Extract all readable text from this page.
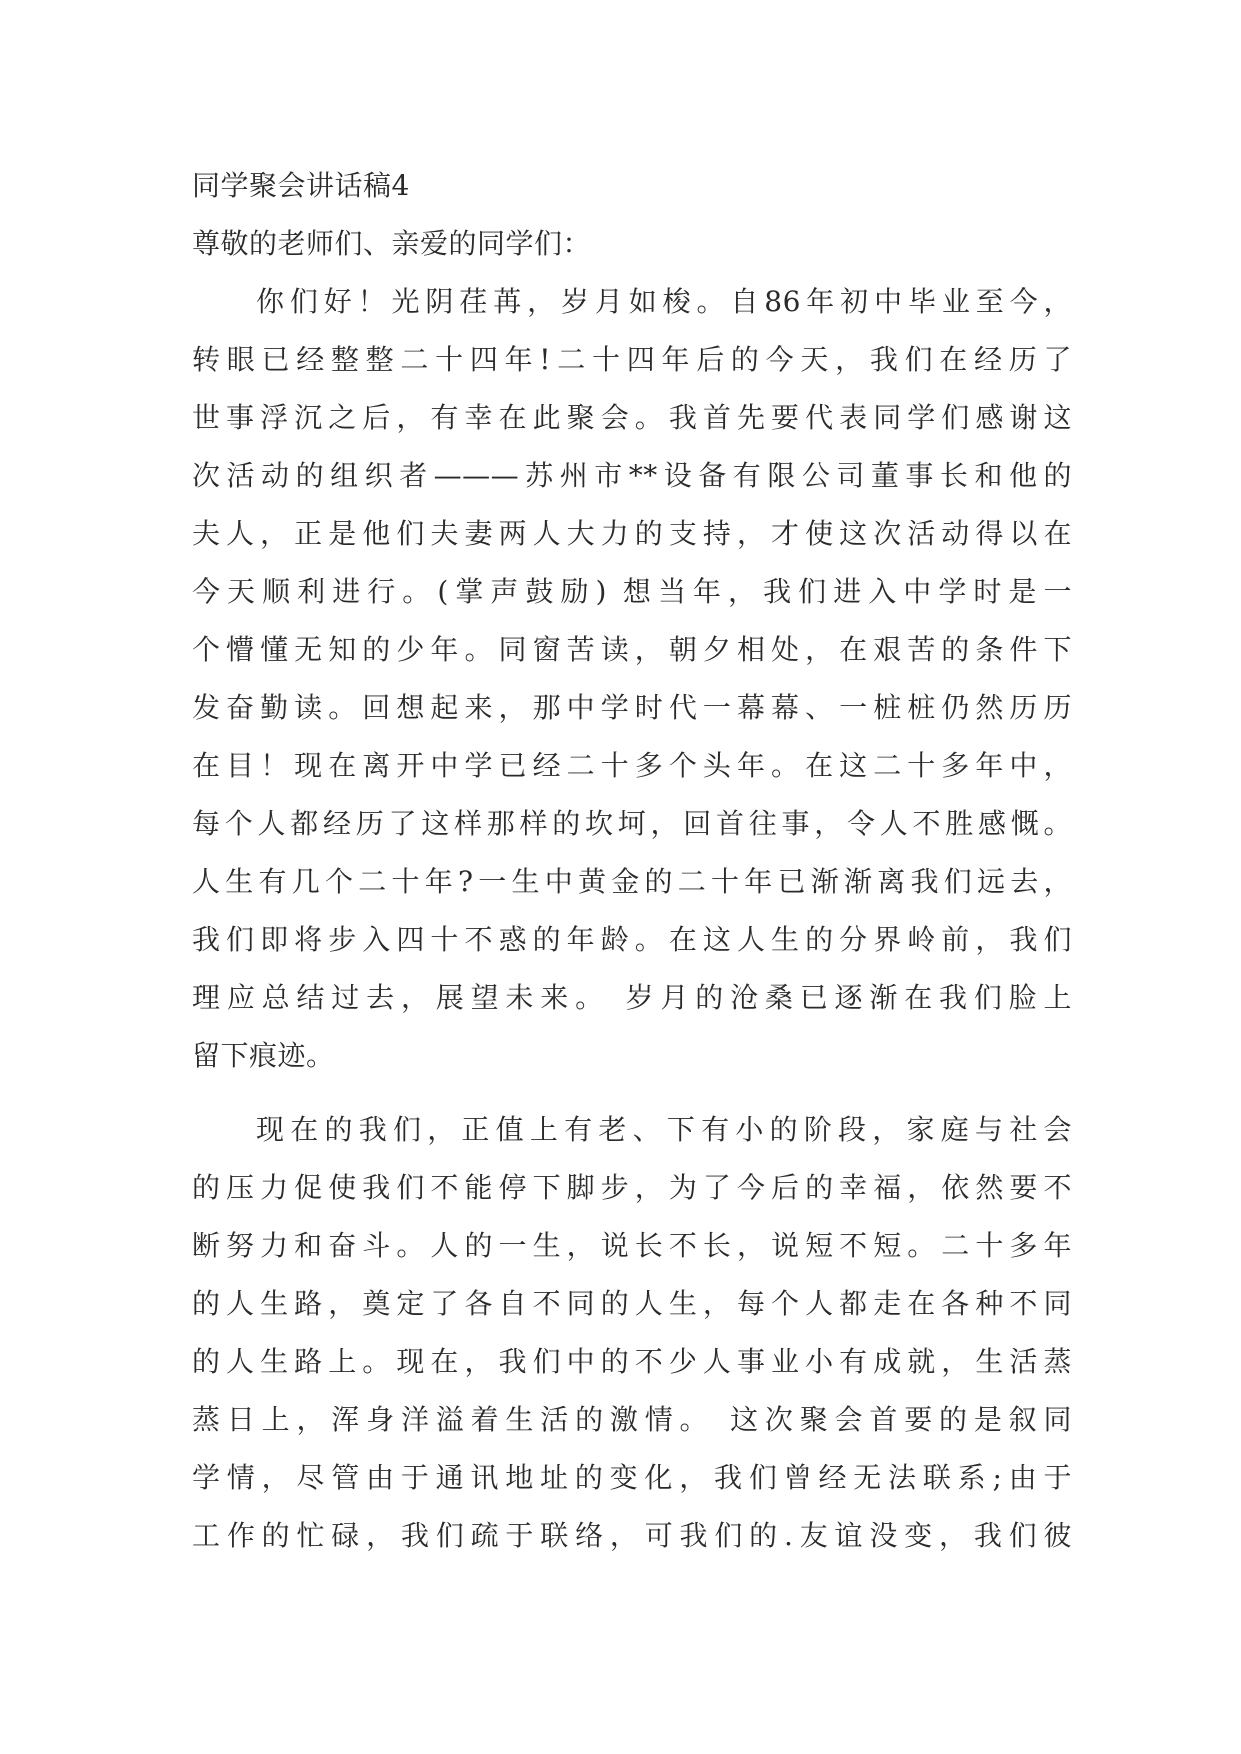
同学聚会讲话稿4
尊敬的老师们、亲爱的同学们：
你们好！光阴荏苒，岁月如梭。自86年初中毕业至今，
转眼已经整整二十四年!二十四年后的今天，我们在经历了
世事浮沉之后，有幸在此聚会。我首先要代表同学们感谢这
次活动的组织者———苏州市**设备有限公司董事长和他的
夫人，正是他们夫妻两人大力的支持，才使这次活动得以在
今天顺利进行。(掌声鼓励) 想当年，我们进入中学时是一
个懵懂无知的少年。同窗苦读，朝夕相处，在艰苦的条件下
发奋勤读。回想起来，那中学时代一幕幕、一桩桩仍然历历
在目！现在离开中学已经二十多个头年。在这二十多年中，
每个人都经历了这样那样的坎坷，回首往事，令人不胜感慨。
人生有几个二十年?一生中黄金的二十年已渐渐离我们远去，
我们即将步入四十不惑的年龄。在这人生的分界岭前，我们
理应总结过去，展望未来。 岁月的沧桑已逐渐在我们脸上
留下痕迹。
现在的我们，正值上有老、下有小的阶段，家庭与社会
的压力促使我们不能停下脚步，为了今后的幸福，依然要不
断努力和奋斗。人的一生，说长不长，说短不短。二十多年
的人生路，奠定了各自不同的人生，每个人都走在各种不同
的人生路上。现在，我们中的不少人事业小有成就，生活蒸
蒸日上，浑身洋溢着生活的激情。 这次聚会首要的是叙同
学情，尽管由于通讯地址的变化，我们曾经无法联系;由于
工作的忙碌，我们疏于联络，可我们的.友谊没变，我们彼
